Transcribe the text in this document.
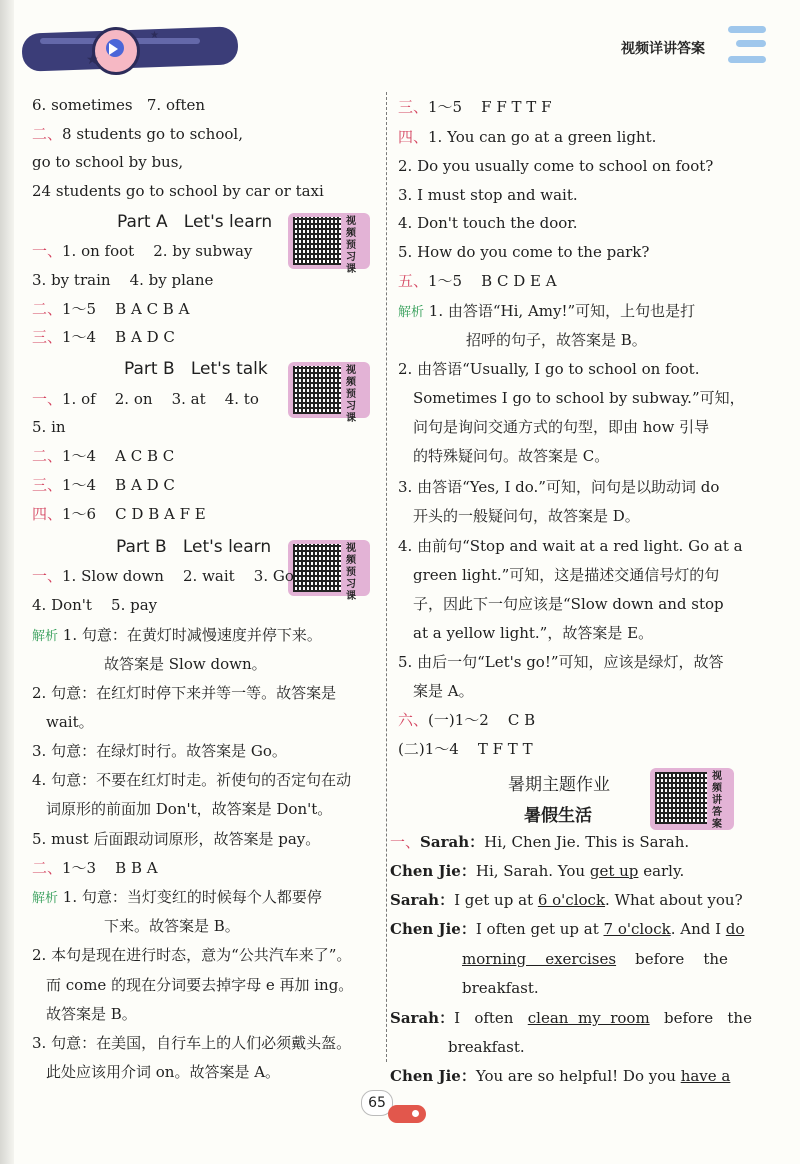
★
★
视频详讲答案
6. sometimes 7. often
二、8 students go to school,
go to school by bus,
24 students go to school by car or taxi
Part A   Let's learn	视频预习课
一、1. on foot    2. by subway
3. by train    4. by plane
二、1～5    B A C B A
三、1～4    B A D C
Part B   Let's talk	视频预习课
一、1. of    2. on    3. at    4. to
5. in
二、1～4    A C B C
三、1～4    B A D C
四、1～6    C D B A F E
Part B   Let's learn	视频预习课
一、1. Slow down    2. wait    3. Go
4. Don't    5. pay
解析 1. 句意：在黄灯时减慢速度并停下来。
故答案是 Slow down。
2. 句意：在红灯时停下来并等一等。故答案是
wait。
3. 句意：在绿灯时行。故答案是 Go。
4. 句意：不要在红灯时走。祈使句的否定句在动
词原形的前面加 Don't，故答案是 Don't。
5. must 后面跟动词原形，故答案是 pay。
二、1～3    B B A
解析 1. 句意：当灯变红的时候每个人都要停
下来。故答案是 B。
2. 本句是现在进行时态，意为“公共汽车来了”。
而 come 的现在分词要去掉字母 e 再加 ing。
故答案是 B。
3. 句意：在美国，自行车上的人们必须戴头盔。
此处应该用介词 on。故答案是 A。
三、1～5    F F T T F
四、1. You can go at a green light.
2. Do you usually come to school on foot?
3. I must stop and wait.
4. Don't touch the door.
5. How do you come to the park?
五、1～5    B C D E A
解析 1. 由答语“Hi, Amy!”可知，上句也是打
招呼的句子，故答案是 B。
2. 由答语“Usually, I go to school on foot.
Sometimes I go to school by subway.”可知，
问句是询问交通方式的句型，即由 how 引导
的特殊疑问句。故答案是 C。
3. 由答语“Yes, I do.”可知，问句是以助动词 do
开头的一般疑问句，故答案是 D。
4. 由前句“Stop and wait at a red light. Go at a
green light.”可知，这是描述交通信号灯的句
子，因此下一句应该是“Slow down and stop
at a yellow light.”，故答案是 E。
5. 由后一句“Let's go!”可知，应该是绿灯，故答
案是 A。
六、(一)1～2    C B
(二)1～4    T F T T
暑期主题作业
暑假生活
视频讲答案
一、Sarah：Hi, Chen Jie. This is Sarah.
Chen Jie：Hi, Sarah. You get up early.
Sarah：I get up at 6 o'clock. What about you?
Chen Jie：I often get up at 7 o'clock. And I do
morning    exercises    before    the
breakfast.
Sarah：I   often   clean  my  room   before   the
breakfast.
Chen Jie：You are so helpful! Do you have a
65
